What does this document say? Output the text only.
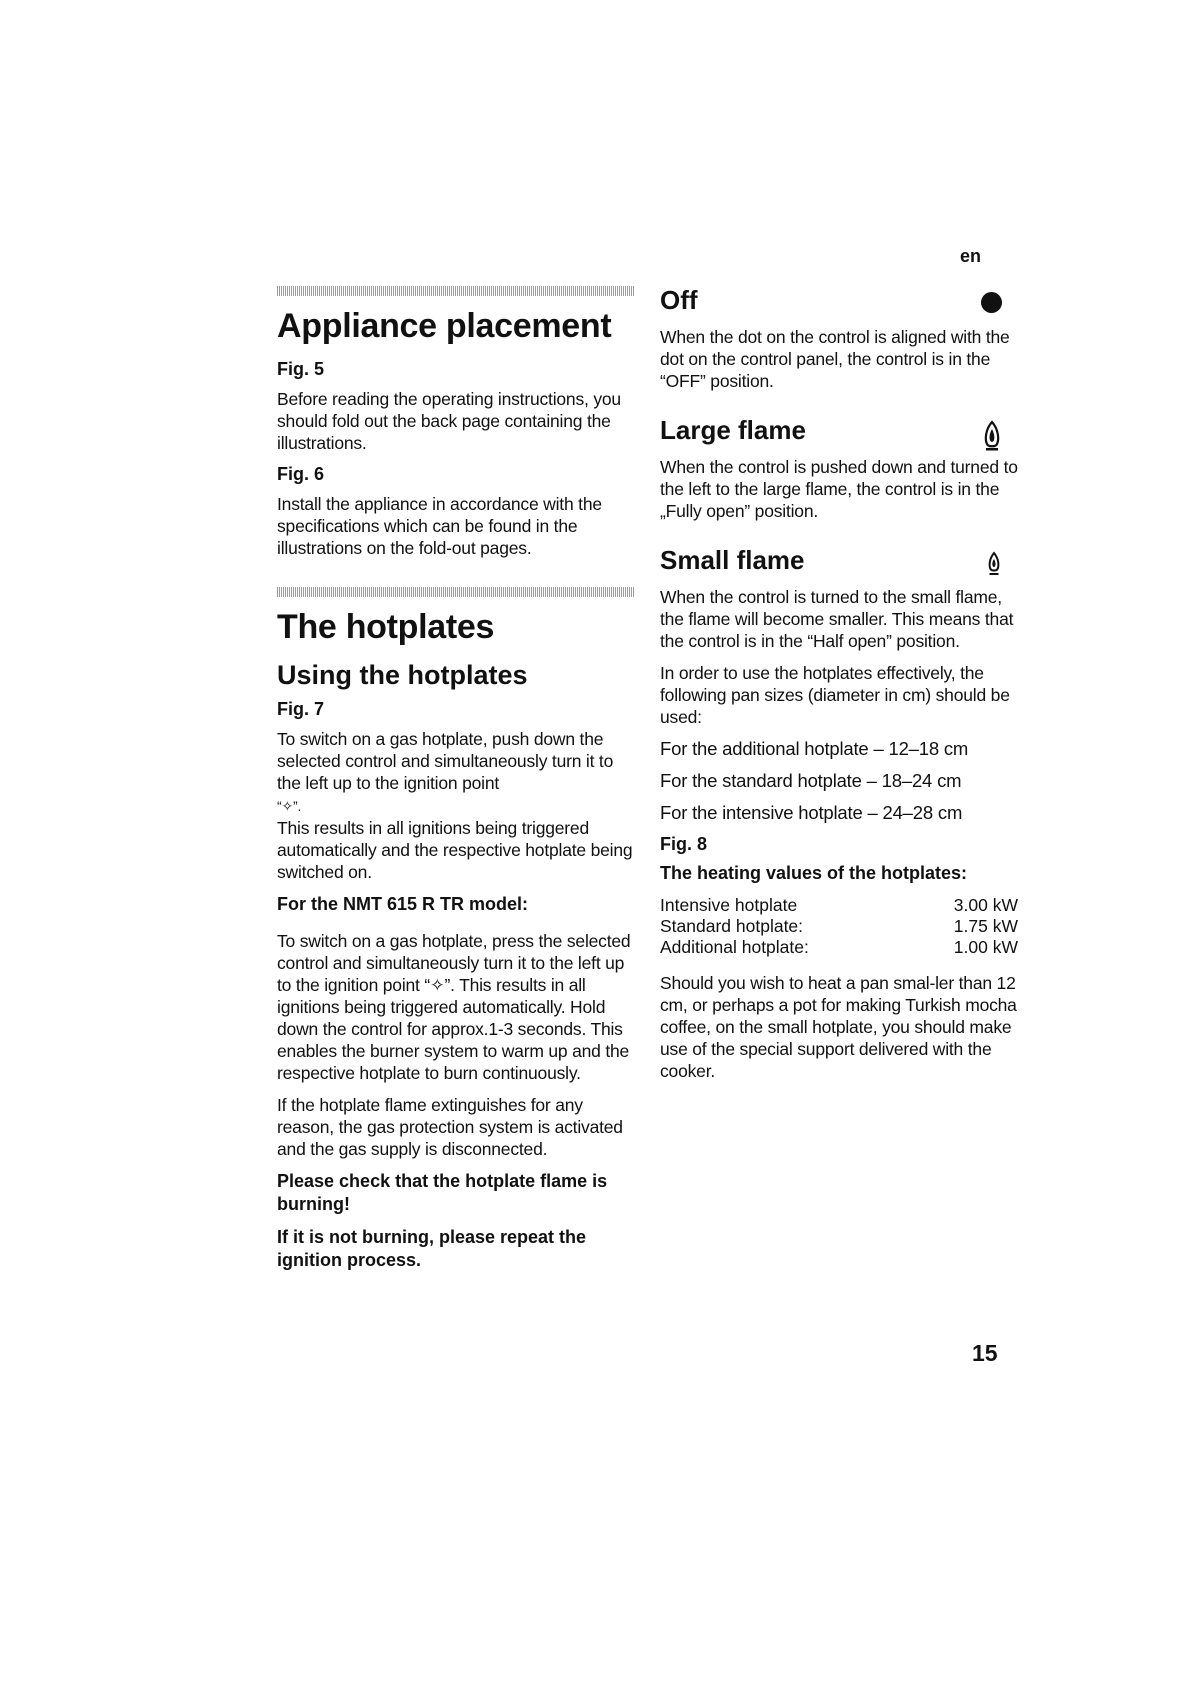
en
Appliance placement
Fig. 5

Before reading the operating instructions, you should fold out the back page containing the illustrations.

Fig. 6

Install the appliance in accordance with the specifications which can be found in the illustrations on the fold-out pages.

The hotplates
Using the hotplates
Fig. 7

To switch on a gas hotplate, push down the selected control and simultaneously turn it to the left up to the ignition point
“✧”.

This results in all ignitions being triggered automatically and the respective hotplate being switched on.

For the NMT 615 R TR model:

To switch on a gas hotplate, press the selected control and simultaneously turn it to the left up to the ignition point “✧”. This results in all ignitions being triggered automatically. Hold down the control for approx.1-3 seconds. This enables the burner system to warm up and the respective hotplate to burn continuously.

If the hotplate flame extinguishes for any reason, the gas protection system is activated and the gas supply is disconnected.

Please check that the hotplate flame is burning!
If it is not burning, please repeat the ignition process.
Off

When the dot on the control is aligned with the dot on the control panel, the control is in the “OFF” position.

Large flame

When the control is pushed down and turned to the left to the large flame, the control is in the „Fully open” position.

Small flame

When the control is turned to the small flame, the flame will become smaller. This means that the control is in the “Half open” position.

In order to use the hotplates effectively, the following pan sizes (diameter in cm) should be used:

For the additional hotplate – 12–18 cm

For the standard hotplate – 18–24 cm

For the intensive hotplate – 24–28 cm

Fig. 8
The heating values of the hotplates:
Intensive hotplate	3.00 kW
Standard hotplate:	1.75 kW
Additional hotplate:	1.00 kW

Should you wish to heat a pan smal-ler than 12 cm, or perhaps a pot for making Turkish mocha coffee, on the small hotplate, you should make use of the special support delivered with the cooker.

15
